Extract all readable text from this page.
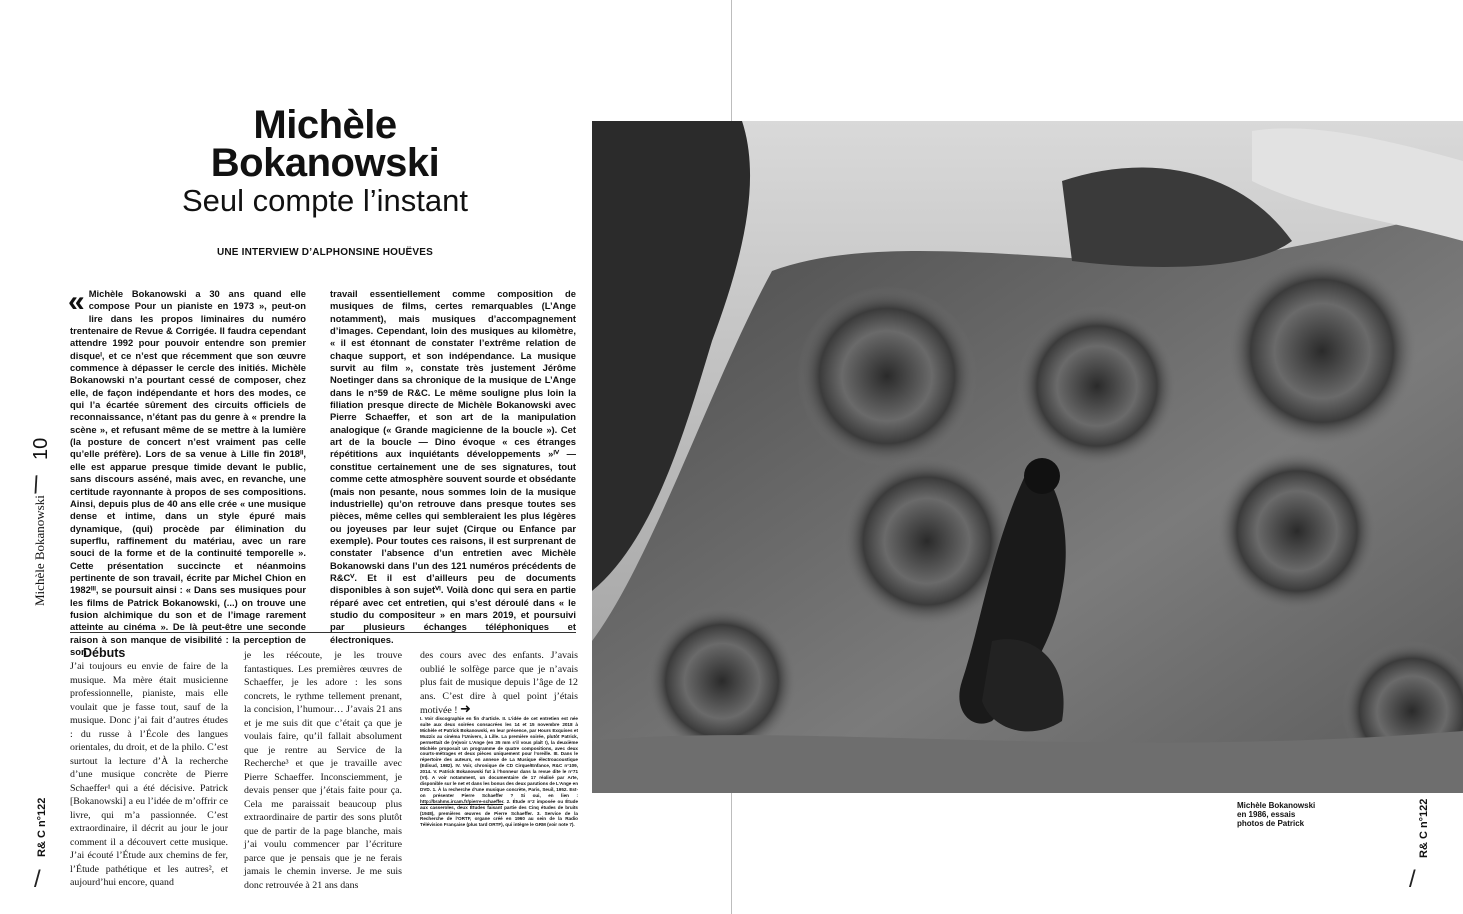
Michèle
Bokanowski
Seul compte l’instant
UNE INTERVIEW D’ALPHONSINE HOUËVES
Michèle Bokanowski
/
10
R& C n°122
/
« Michèle Bokanowski a 30 ans quand elle compose Pour un pianiste en 1973 », peut-on lire dans les propos liminaires du numéro trentenaire de Revue & Corrigée. Il faudra cependant attendre 1992 pour pouvoir entendre son premier disqueᴵ, et ce n’est que récemment que son œuvre commence à dépasser le cercle des initiés. Michèle Bokanowski n’a pourtant cessé de composer, chez elle, de façon indépendante et hors des modes, ce qui l’a écartée sûrement des circuits officiels de reconnaissance, n’étant pas du genre à « prendre la scène », et refusant même de se mettre à la lumière (la posture de concert n’est vraiment pas celle qu’elle préfère). Lors de sa venue à Lille fin 2018ᴵᴵ, elle est apparue presque timide devant le public, sans discours asséné, mais avec, en revanche, une certitude rayonnante à propos de ses compositions. Ainsi, depuis plus de 40 ans elle crée « une musique dense et intime, dans un style épuré mais dynamique, (qui) procède par élimination du superflu, raffinement du matériau, avec un rare souci de la forme et de la continuité temporelle ». Cette présentation succincte et néanmoins pertinente de son travail, écrite par Michel Chion en 1982ᴵᴵᴵ, se poursuit ainsi : « Dans ses musiques pour les films de Patrick Bokanowski, (...) on trouve une fusion alchimique du son et de l’image rarement atteinte au cinéma ». De là peut-être une seconde raison à son manque de visibilité : la perception de son
travail essentiellement comme composition de musiques de films, certes remarquables (L’Ange notamment), mais musiques d’accompagnement d’images. Cependant, loin des musiques au kilomètre, « il est étonnant de constater l’extrême relation de chaque support, et son indépendance. La musique survit au film », constate très justement Jérôme Noetinger dans sa chronique de la musique de L’Ange dans le n°59 de R&C. Le même souligne plus loin la filiation presque directe de Michèle Bokanowski avec Pierre Schaeffer, et son art de la manipulation analogique (« Grande magicienne de la boucle »). Cet art de la boucle — Dino évoque « ces étranges répétitions aux inquiétants développements »ᴵⱽ — constitue certainement une de ses signatures, tout comme cette atmosphère souvent sourde et obsédante (mais non pesante, nous sommes loin de la musique industrielle) qu’on retrouve dans presque toutes ses pièces, même celles qui sembleraient les plus légères ou joyeuses par leur sujet (Cirque ou Enfance par exemple). Pour toutes ces raisons, il est surprenant de constater l’absence d’un entretien avec Michèle Bokanowski dans l’un des 121 numéros précédents de R&Cⱽ. Et il est d’ailleurs peu de documents disponibles à son sujetⱽᴵ. Voilà donc qui sera en partie réparé avec cet entretien, qui s’est déroulé dans « le studio du compositeur » en mars 2019, et poursuivi par plusieurs échanges téléphoniques et électroniques.
Débuts
J’ai toujours eu envie de faire de la musique. Ma mère était musicienne professionnelle, pianiste, mais elle voulait que je fasse tout, sauf de la musique. Donc j’ai fait d’autres études : du russe à l’École des langues orientales, du droit, et de la philo. C’est surtout la lecture d’À la recherche d’une musique concrète de Pierre Schaeffer¹ qui a été décisive. Patrick [Bokanowski] a eu l’idée de m’offrir ce livre, qui m’a passionnée. C’est extraordinaire, il décrit au jour le jour comment il a découvert cette musique. J’ai écouté l’Étude aux chemins de fer, l’Étude pathétique et les autres², et aujourd’hui encore, quand
je les réécoute, je les trouve fantastiques. Les premières œuvres de Schaeffer, je les adore : les sons concrets, le rythme tellement prenant, la concision, l’humour… J’avais 21 ans et je me suis dit que c’était ça que je voulais faire, qu’il fallait absolument que je rentre au Service de la Recherche³ et que je travaille avec Pierre Schaeffer. Inconsciemment, je devais penser que j’étais faite pour ça. Cela me paraissait beaucoup plus extraordinaire de partir des sons plutôt que de partir de la page blanche, mais j’ai voulu commencer par l’écriture parce que je pensais que je ne ferais jamais le chemin inverse. Je me suis donc retrouvée à 21 ans dans
des cours avec des enfants. J’avais oublié le solfège parce que je n’avais plus fait de musique depuis l’âge de 12 ans. C’est dire à quel point j’étais motivée ! ➜
I. Voir discographie en fin d’article. II. L’idée de cet entretien est née suite aux deux soirées consacrées les 14 et 15 novembre 2018 à Michèle et Patrick Bokanowski, en leur présence, par Hours Exquises et Muzzix au cinéma l’Univers, à Lille. La première soirée, plutôt Patrick, permettait de (re)voir L’Ange (en 35 mm s’il vous plaît !), la deuxième Michèle proposait un programme de quatre compositions, avec deux courts-métrages et deux pièces uniquement pour l’oreille. III. Dans le répertoire des auteurs, en annexe de La Musique électroacoustique (Edisud, 1982). IV. Voir, chronique de CD Cirque/Enfance, R&C n°109, 2014. V. Patrick Bokanowski fut à l’honneur dans la revue dite le n°71 (VI). A voir notamment, un documentaire de 17 réalisé par Arte, disponible sur le net et dans les bonus des deux parutions de L’Ange en DVD. 1. À la recherche d’une musique concrète, Paris, Seuil, 1952. Est-on présenter Pierre Schaeffer ? Si oui, en lien : http://brahms.ircam.fr/pierre-schaeffer. 2. Étude n°2 imposée ou Étude aux casseroles, deux Études faisant partie des Cinq études de bruits (1948), premières œuvres de Pierre Schaeffer. 3. Service de la Recherche de l’ORTF, organe créé en 1960 au sein de la Radio Télévision Française (plus tard ORTF), qui intègre le GRM (voir note 7).
Michèle Bokanowski
en 1986, essais
photos de Patrick	R& C n°122
/
